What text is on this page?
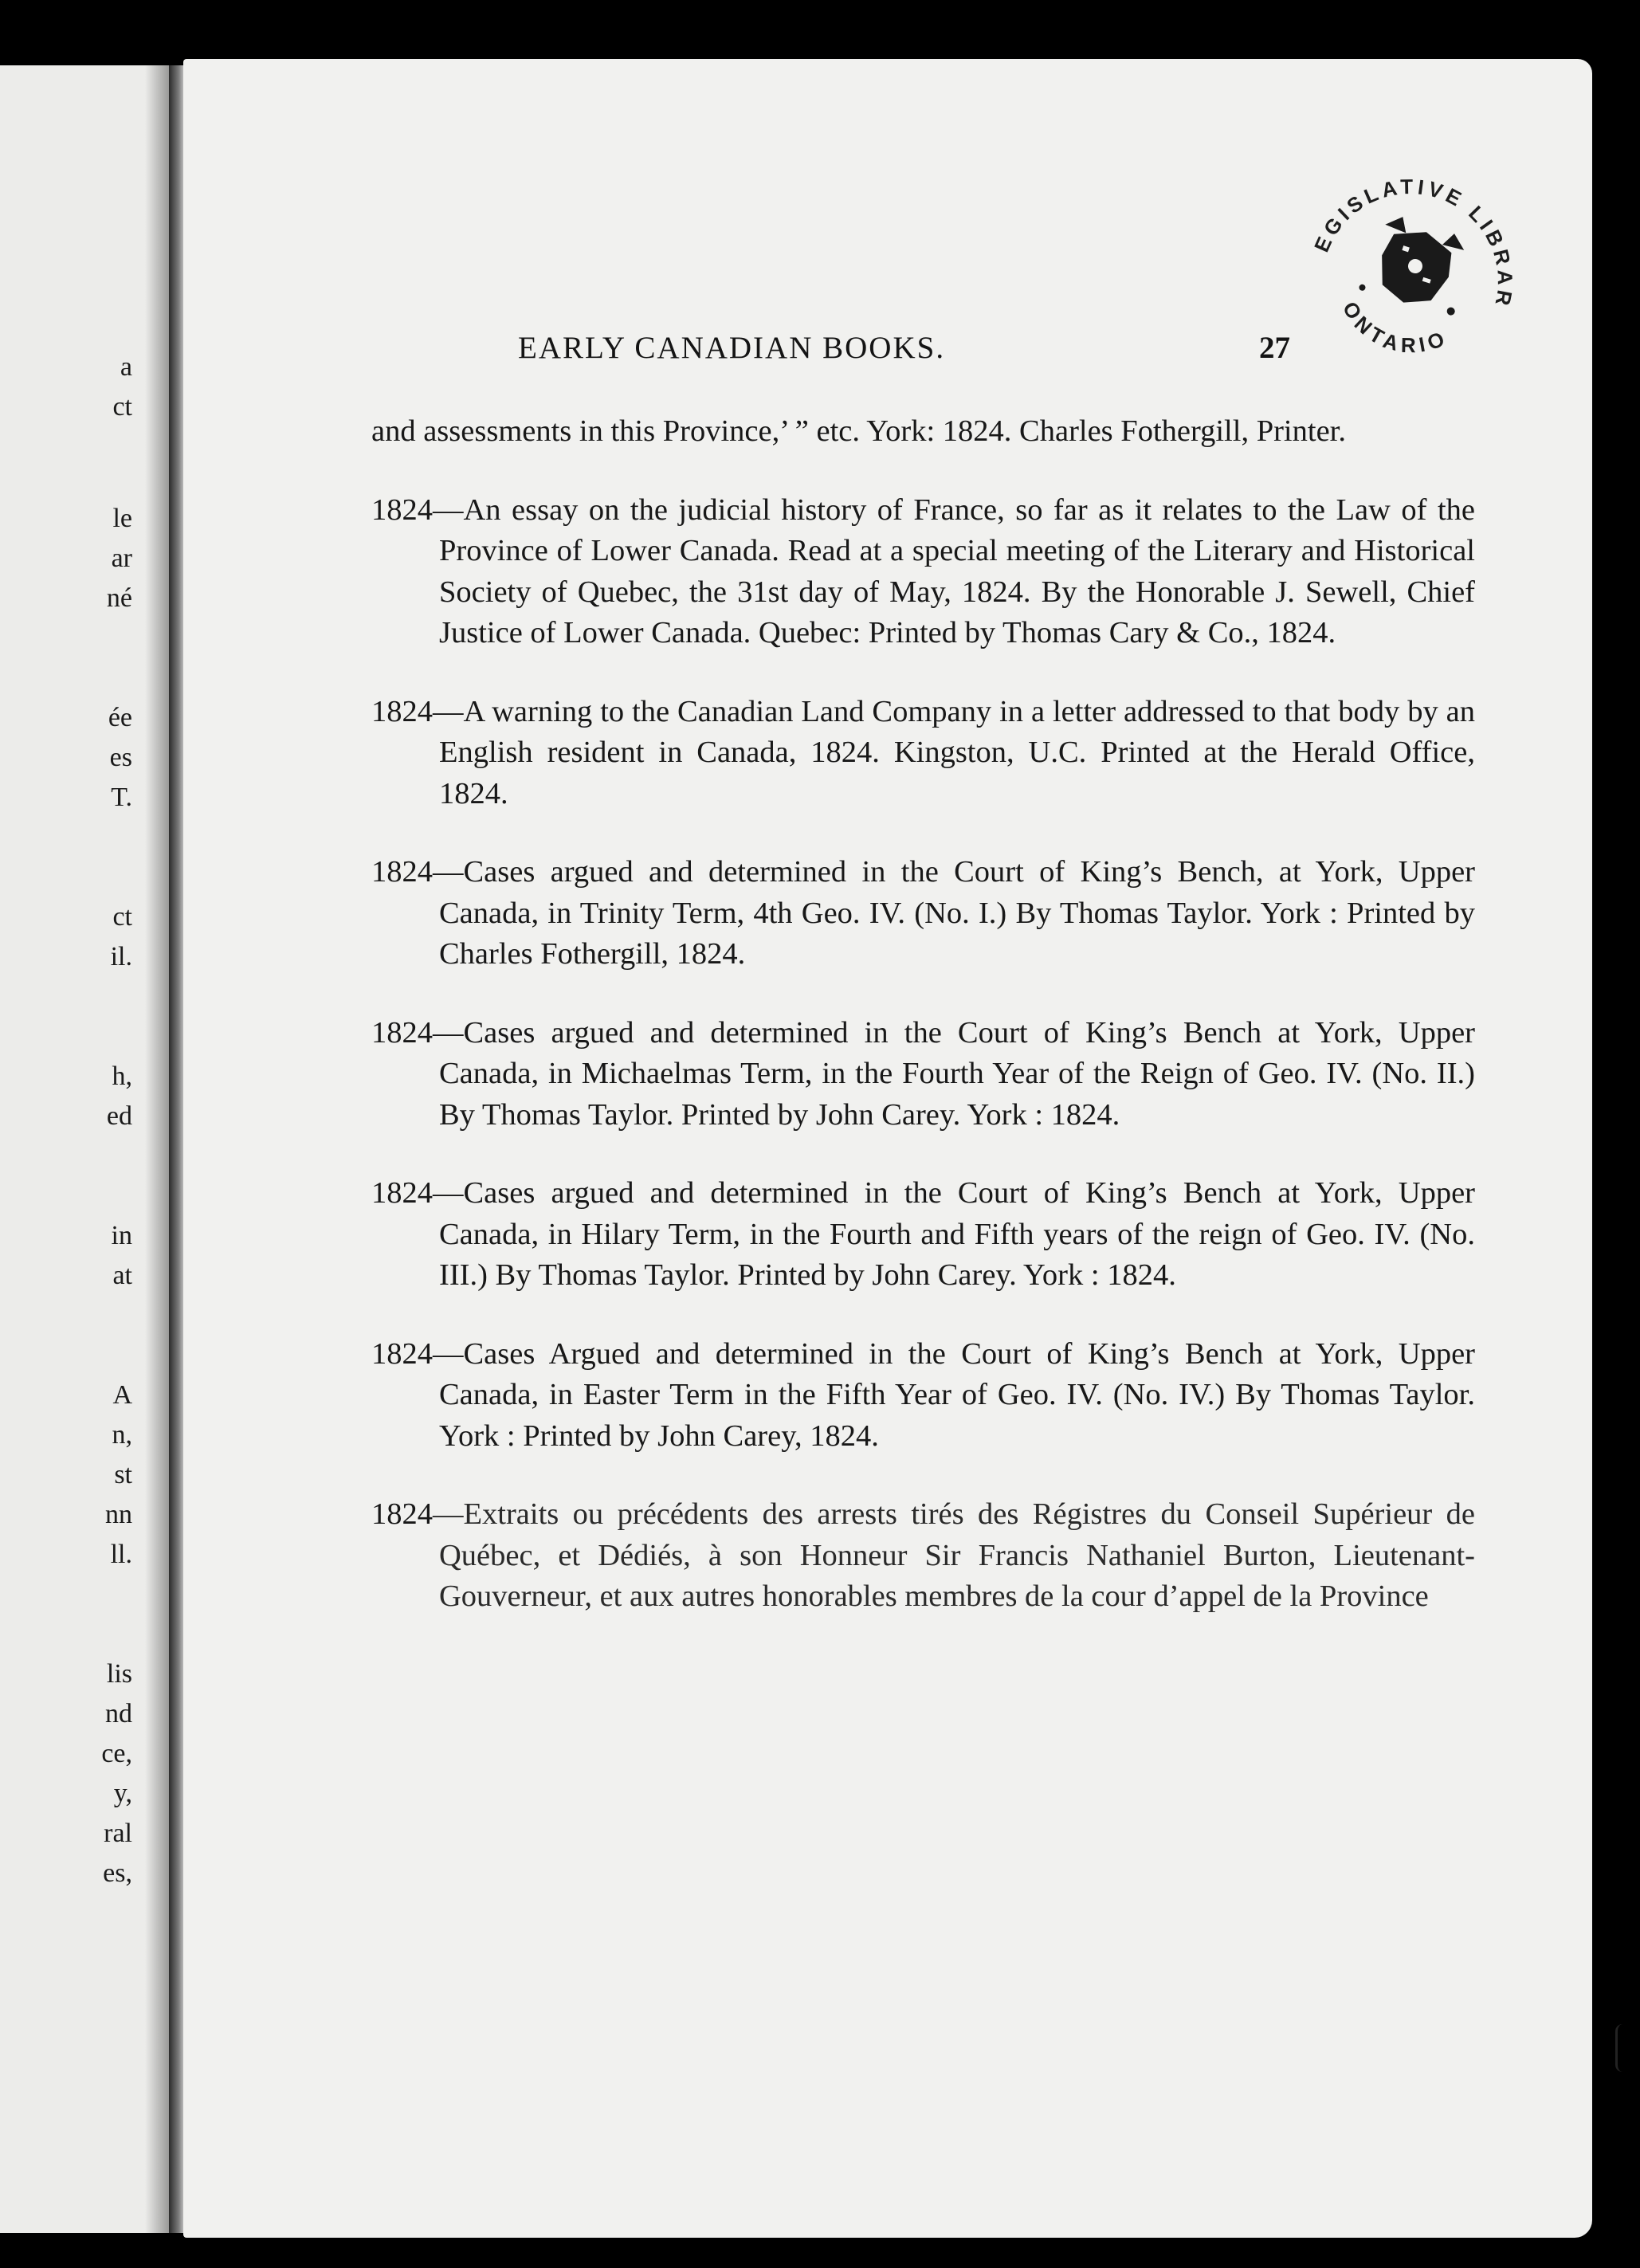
a
ct
le
ar
né
ée
es
T.
ct
il.
h,
ed
in
at
A
n,
st
nn
ll.
lis
nd
ce,
y,
ral
es,
EARLY CANADIAN BOOKS.	27
LEGISLATIVE LIBRARY
ONTARIO

and assessments in this Province,’ ” etc. York: 1824. Charles Fothergill, Printer.

1824—An essay on the judicial history of France, so far as it relates to the Law of the Province of Lower Canada. Read at a special meeting of the Literary and Historical Society of Quebec, the 31st day of May, 1824. By the Honorable J. Sewell, Chief Justice of Lower Canada. Quebec: Printed by Thomas Cary & Co., 1824.

1824—A warning to the Canadian Land Company in a letter addressed to that body by an English resident in Canada, 1824. Kingston, U.C. Printed at the Herald Office, 1824.

1824—Cases argued and determined in the Court of King’s Bench, at York, Upper Canada, in Trinity Term, 4th Geo. IV. (No. I.) By Thomas Taylor. York : Printed by Charles Fothergill, 1824.

1824—Cases argued and determined in the Court of King’s Bench at York, Upper Canada, in Michaelmas Term, in the Fourth Year of the Reign of Geo. IV. (No. II.) By Thomas Taylor. Printed by John Carey. York : 1824.

1824—Cases argued and determined in the Court of King’s Bench at York, Upper Canada, in Hilary Term, in the Fourth and Fifth years of the reign of Geo. IV. (No. III.) By Thomas Taylor. Printed by John Carey. York : 1824.

1824—Cases Argued and determined in the Court of King’s Bench at York, Upper Canada, in Easter Term in the Fifth Year of Geo. IV. (No. IV.) By Thomas Taylor. York : Printed by John Carey, 1824.

1824—Extraits ou précédents des arrests tirés des Régistres du Conseil Supérieur de Québec, et Dédiés, à son Honneur Sir Francis Nathaniel Burton, Lieutenant-Gouverneur, et aux autres honorables membres de la cour d’appel de la Province
